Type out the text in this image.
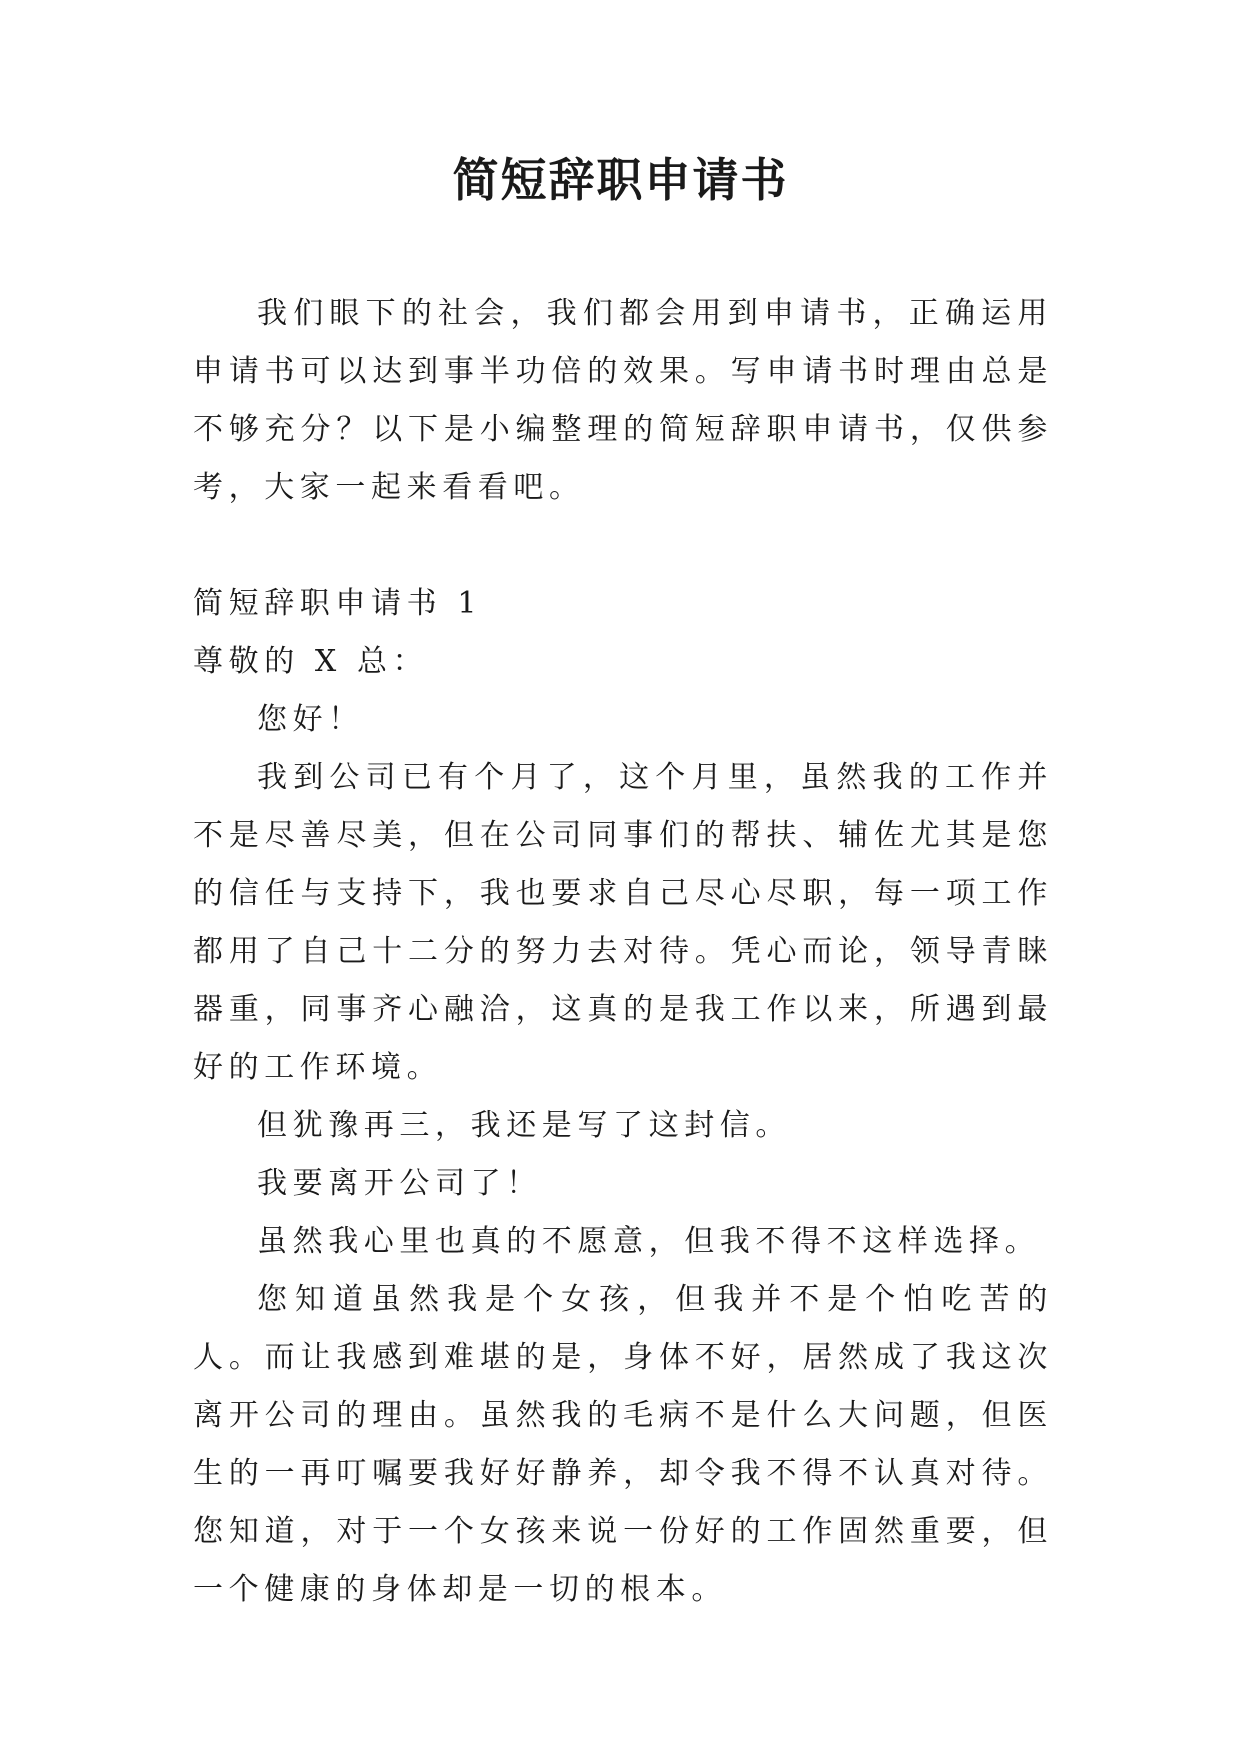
简短辞职申请书

我们眼下的社会，我们都会用到申请书，正确运用申请书可以达到事半功倍的效果。写申请书时理由总是不够充分？以下是小编整理的简短辞职申请书，仅供参考，大家一起来看看吧。

简短辞职申请书 1

尊敬的 X 总：

您好！

我到公司已有个月了，这个月里，虽然我的工作并不是尽善尽美，但在公司同事们的帮扶、辅佐尤其是您的信任与支持下，我也要求自己尽心尽职，每一项工作都用了自己十二分的努力去对待。凭心而论，领导青睐器重，同事齐心融洽，这真的是我工作以来，所遇到最好的工作环境。

但犹豫再三，我还是写了这封信。

我要离开公司了！

虽然我心里也真的不愿意，但我不得不这样选择。

您知道虽然我是个女孩，但我并不是个怕吃苦的人。而让我感到难堪的是，身体不好，居然成了我这次离开公司的理由。虽然我的毛病不是什么大问题，但医生的一再叮嘱要我好好静养，却令我不得不认真对待。您知道，对于一个女孩来说一份好的工作固然重要，但一个健康的身体却是一切的根本。
